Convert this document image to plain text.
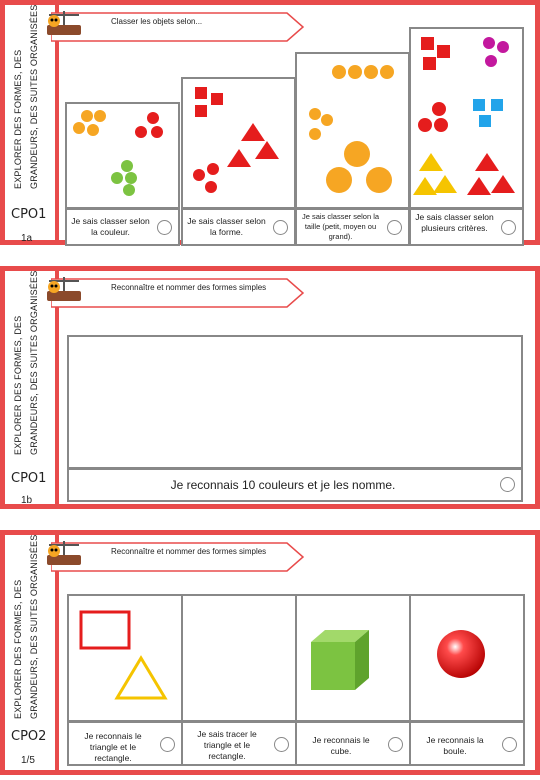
EXPLORER DES FORMES, DES GRANDEURS, DES SUITES ORGANISÉES
CPO1
1a
Classer les objets selon...
Je sais classer selon la couleur.
Je sais classer selon la forme.
Je sais classer selon la taille (petit, moyen ou grand).
Je sais classer selon plusieurs critères.
EXPLORER DES FORMES, DES GRANDEURS, DES SUITES ORGANISÉES
CPO1
1b
Reconnaître et nommer des formes simples
Je reconnais 10 couleurs et je les nomme.
EXPLORER DES FORMES, DES GRANDEURS, DES SUITES ORGANISÉES
CPO2
1/5
Reconnaître et nommer des formes simples
Je reconnais le triangle et le rectangle.
Je sais tracer le triangle et le rectangle.
Je reconnais le cube.
Je reconnais la boule.
